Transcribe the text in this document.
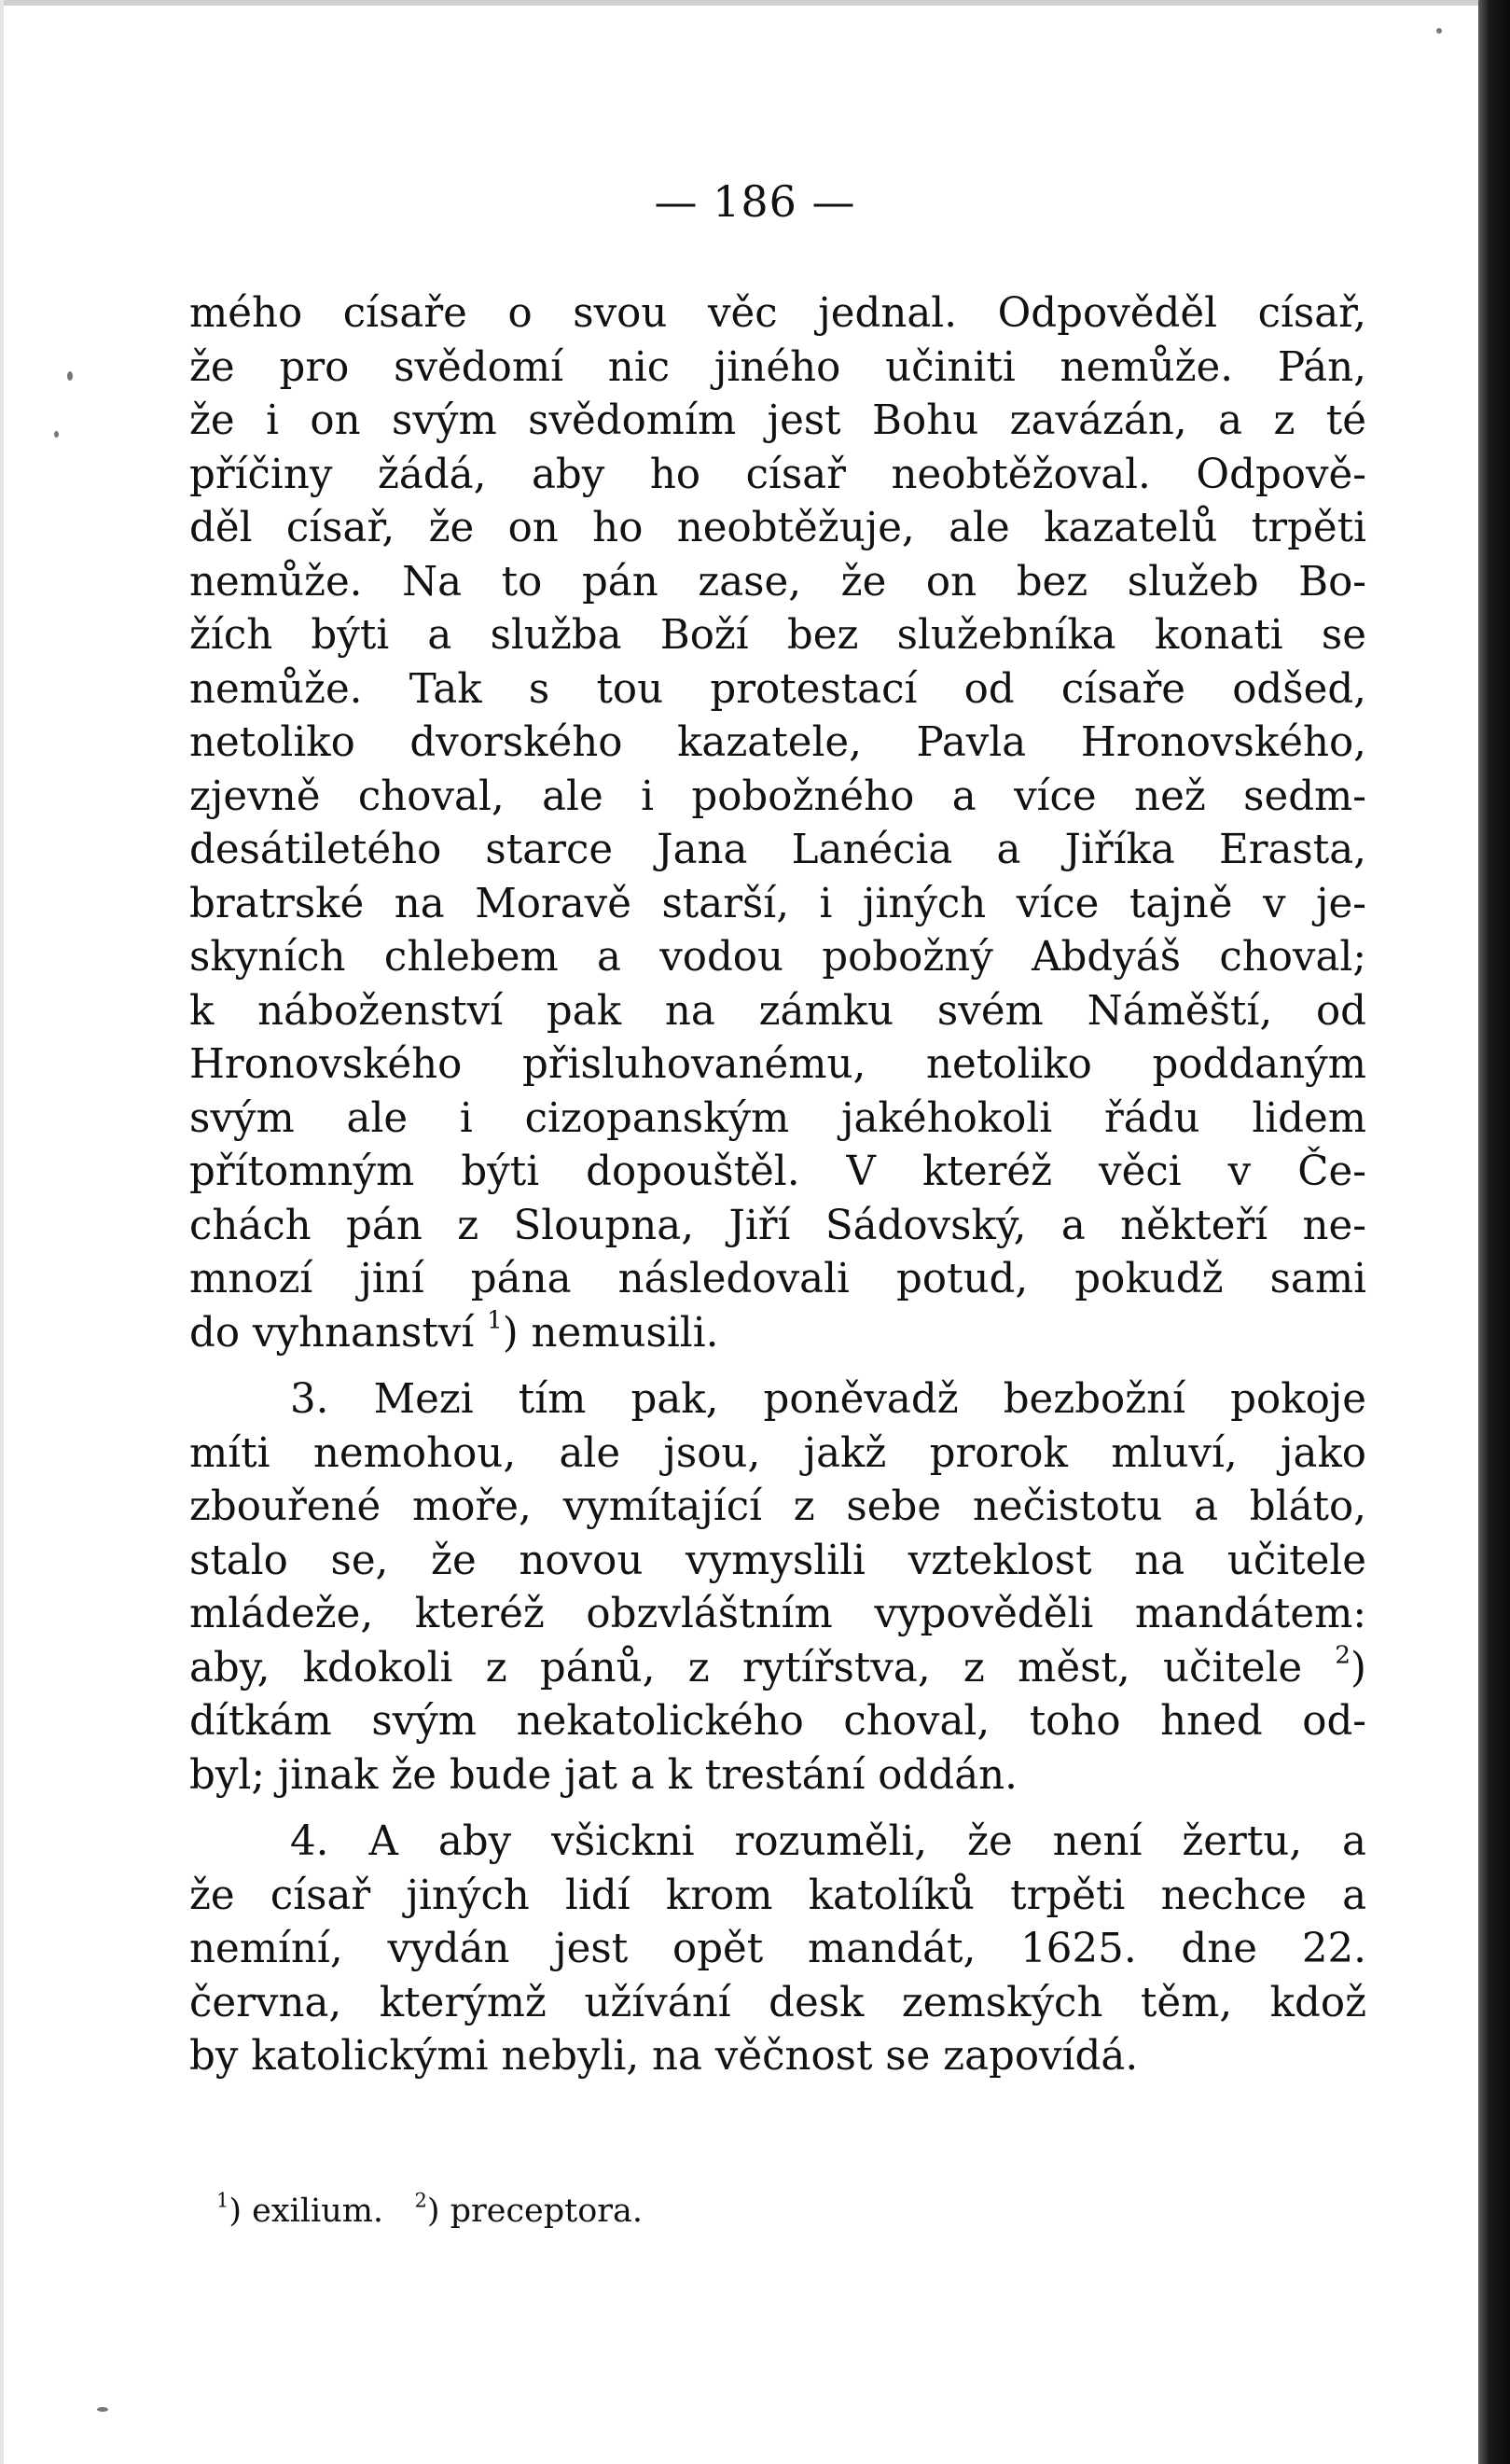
— 186 —
mého císaře o svou věc jednal. Odpověděl císař,
že pro svědomí nic jiného učiniti nemůže. Pán,
že i on svým svědomím jest Bohu zavázán, a z té
příčiny žádá, aby ho císař neobtěžoval. Odpově-
děl císař, že on ho neobtěžuje, ale kazatelů trpěti
nemůže. Na to pán zase, že on bez služeb Bo-
žích býti a služba Boží bez služebníka konati se
nemůže. Tak s tou protestací od císaře odšed,
netoliko dvorského kazatele, Pavla Hronovského,
zjevně choval, ale i pobožného a více než sedm-
desátiletého starce Jana Lanécia a Jiříka Erasta,
bratrské na Moravě starší, i jiných více tajně v je-
skyních chlebem a vodou pobožný Abdyáš choval;
k náboženství pak na zámku svém Náměští, od
Hronovského přisluhovanému, netoliko poddaným
svým ale i cizopanským jakéhokoli řádu lidem
přítomným býti dopouštěl. V kteréž věci v Če-
chách pán z Sloupna, Jiří Sádovský, a někteří ne-
mnozí jiní pána následovali potud, pokudž sami
do vyhnanství $^1$) nemusili.
3. Mezi tím pak, poněvadž bezbožní pokoje
míti nemohou, ale jsou, jakž prorok mluví, jako
zbouřené moře, vymítající z sebe nečistotu a bláto,
stalo se, že novou vymyslili vzteklost na učitele
mládeže, kteréž obzvláštním vypověděli mandátem:
aby, kdokoli z pánů, z rytířstva, z měst, učitele $^2$)
dítkám svým nekatolického choval, toho hned od-
byl; jinak že bude jat a k trestání oddán.
4. A aby všickni rozuměli, že není žertu, a
že císař jiných lidí krom katolíků trpěti nechce a
nemíní, vydán jest opět mandát, 1625. dne 22.
června, kterýmž užívání desk zemských těm, kdož
by katolickými nebyli, na věčnost se zapovídá.
$^1$) exilium. $^2$) preceptora.
